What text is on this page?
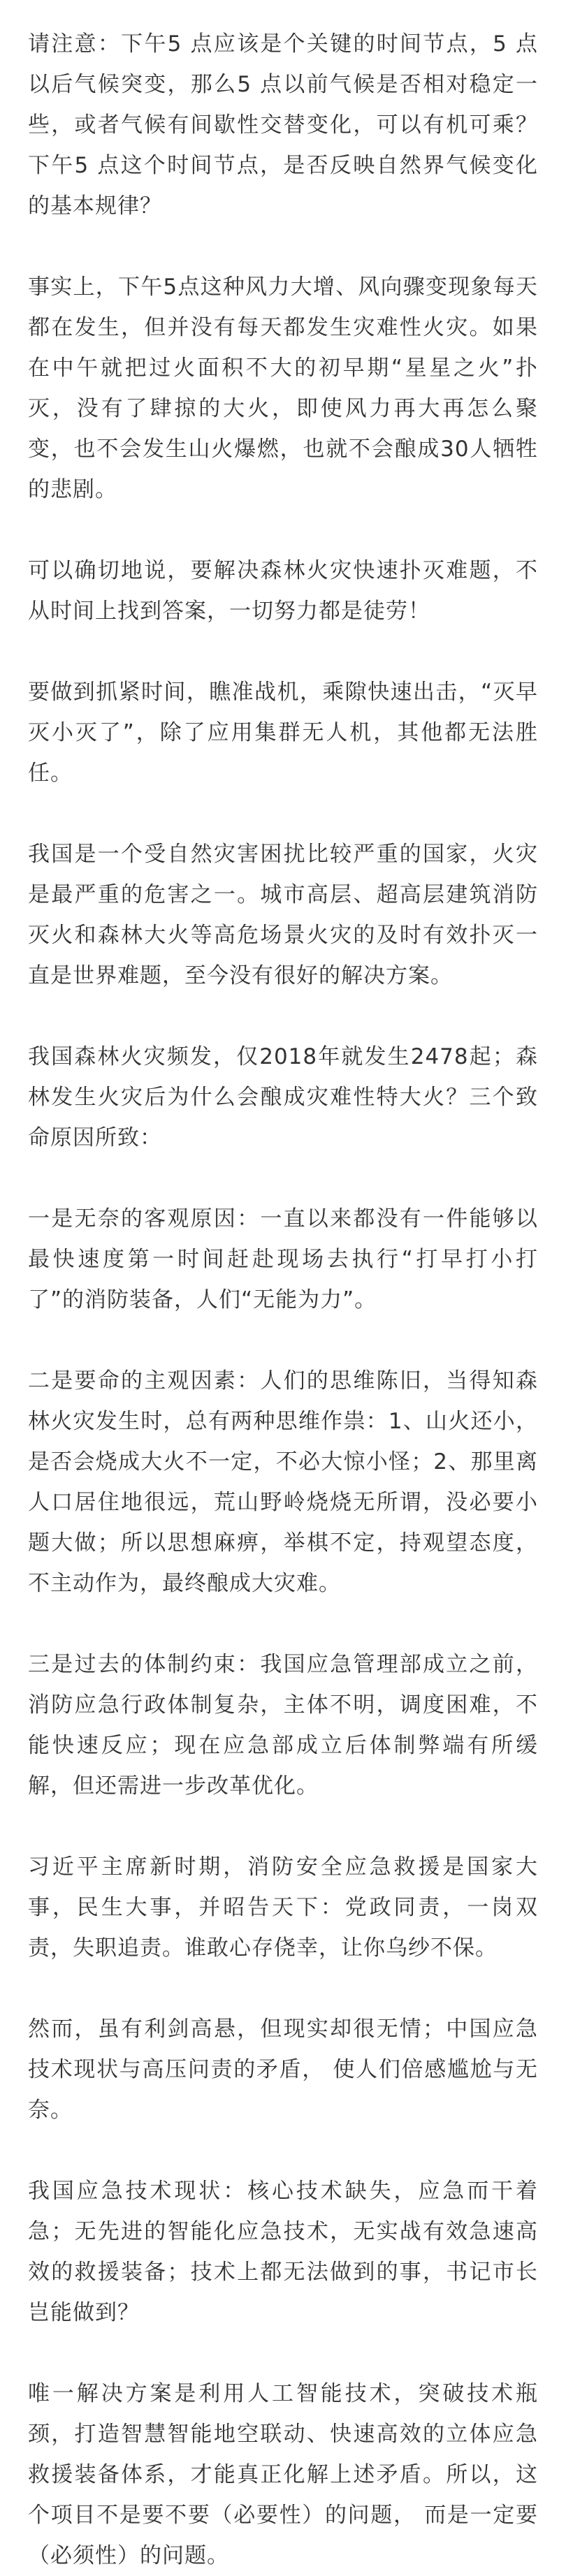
请注意：下午5 点应该是个关键的时间节点，5 点以后气候突变，那么5 点以前气候是否相对稳定一些，或者气候有间歇性交替变化，可以有机可乘？下午5 点这个时间节点，是否反映自然界气候变化的基本规律？

事实上，下午5点这种风力大增、风向骤变现象每天都在发生，但并没有每天都发生灾难性火灾。如果在中午就把过火面积不大的初早期“星星之火”扑灭，没有了肆掠的大火，即使风力再大再怎么聚变，也不会发生山火爆燃，也就不会酿成30人牺牲的悲剧。

可以确切地说，要解决森林火灾快速扑灭难题，不从时间上找到答案，一切努力都是徒劳！

要做到抓紧时间，瞧准战机，乘隙快速出击，“灭早灭小灭了”，除了应用集群无人机，其他都无法胜任。

我国是一个受自然灾害困扰比较严重的国家，火灾是最严重的危害之一。城市高层、超高层建筑消防灭火和森林大火等高危场景火灾的及时有效扑灭一直是世界难题，至今没有很好的解决方案。

我国森林火灾频发，仅2018年就发生2478起；森林发生火灾后为什么会酿成灾难性特大火？三个致命原因所致：

一是无奈的客观原因：一直以来都没有一件能够以最快速度第一时间赶赴现场去执行“打早打小打了”的消防装备，人们“无能为力”。

二是要命的主观因素：人们的思维陈旧，当得知森林火灾发生时，总有两种思维作祟：1、山火还小，是否会烧成大火不一定，不必大惊小怪；2、那里离人口居住地很远，荒山野岭烧烧无所谓，没必要小题大做；所以思想麻痹，举棋不定，持观望态度，不主动作为，最终酿成大灾难。

三是过去的体制约束：我国应急管理部成立之前，消防应急行政体制复杂，主体不明，调度困难，不能快速反应；现在应急部成立后体制弊端有所缓解，但还需进一步改革优化。

习近平主席新时期，消防安全应急救援是国家大事，民生大事，并昭告天下：党政同责，一岗双责，失职追责。谁敢心存侥幸，让你乌纱不保。

然而，虽有利剑高悬，但现实却很无情；中国应急技术现状与高压问责的矛盾， 使人们倍感尴尬与无奈。

我国应急技术现状：核心技术缺失，应急而干着急；无先进的智能化应急技术，无实战有效急速高效的救援装备；技术上都无法做到的事，书记市长岂能做到？

唯一解决方案是利用人工智能技术，突破技术瓶颈，打造智慧智能地空联动、快速高效的立体应急救援装备体系，才能真正化解上述矛盾。所以，这个项目不是要不要（必要性）的问题， 而是一定要（必须性）的问题。
